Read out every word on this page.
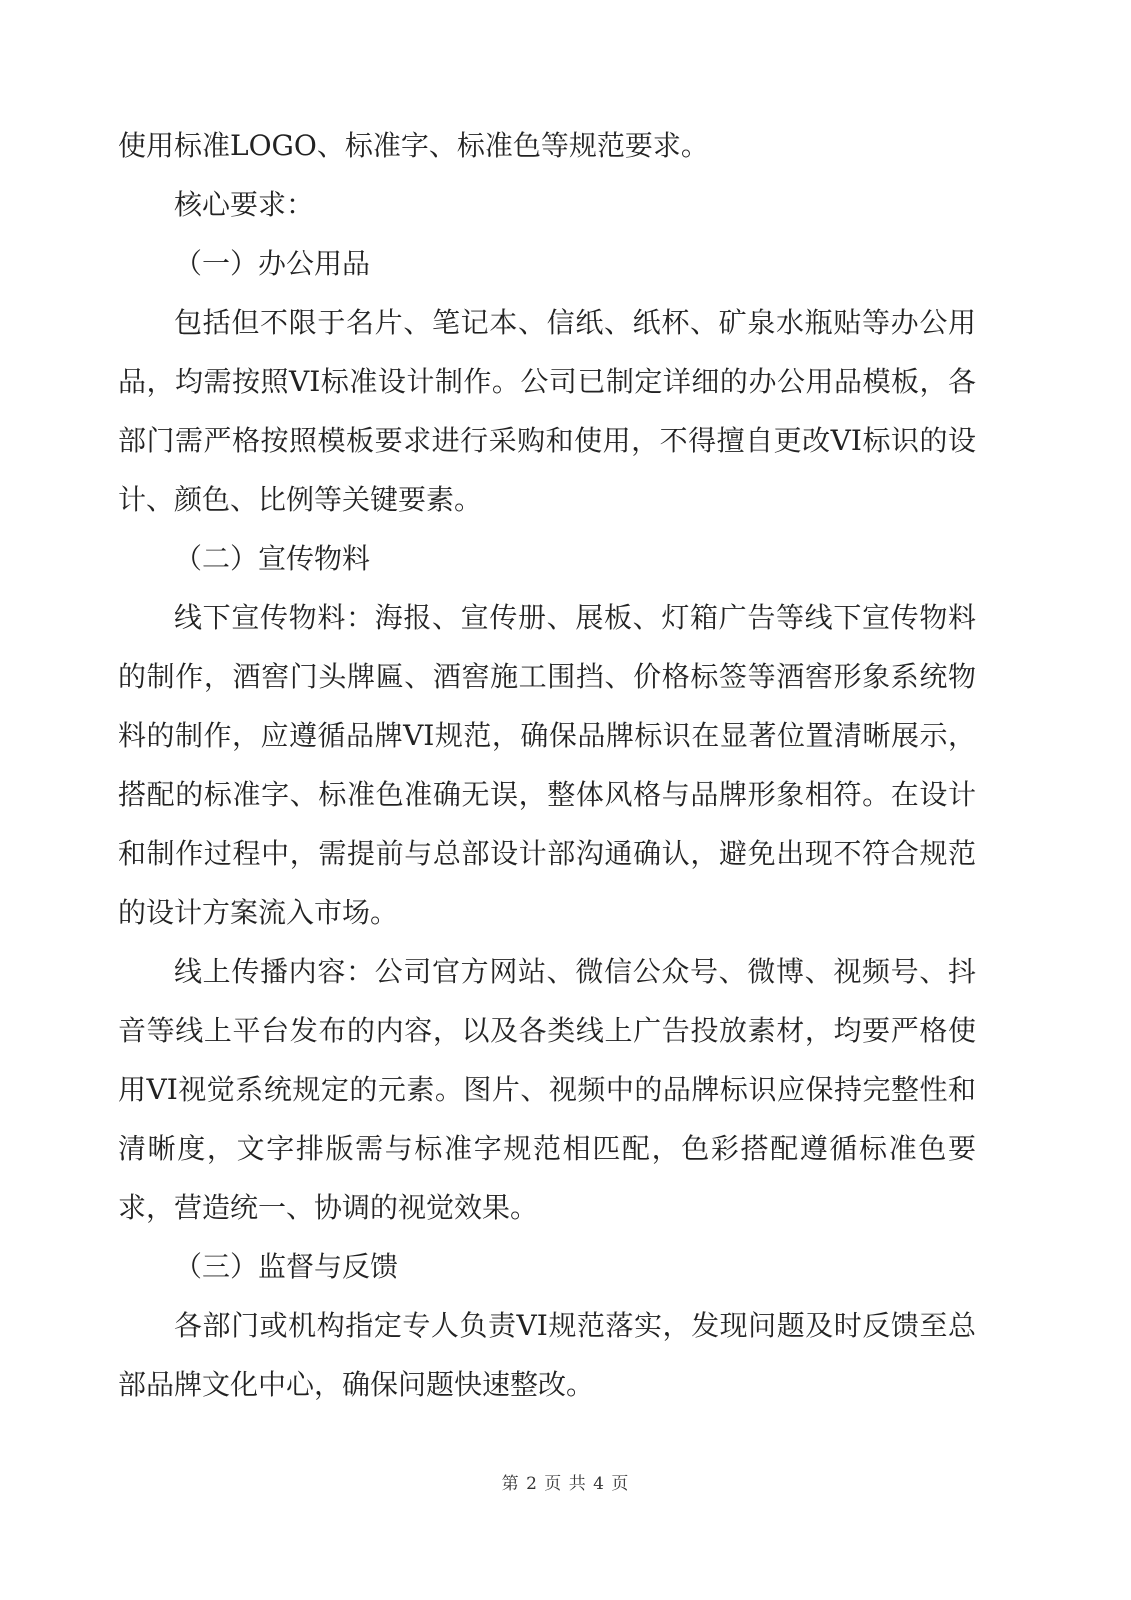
使用标准LOGO、标准字、标准色等规范要求。

核心要求：

（一）办公用品

包括但不限于名片、笔记本、信纸、纸杯、矿泉水瓶贴等办公用品，均需按照VI标准设计制作。公司已制定详细的办公用品模板，各部门需严格按照模板要求进行采购和使用，不得擅自更改VI标识的设计、颜色、比例等关键要素。

（二）宣传物料

线下宣传物料：海报、宣传册、展板、灯箱广告等线下宣传物料的制作，酒窖门头牌匾、酒窖施工围挡、价格标签等酒窖形象系统物料的制作，应遵循品牌VI规范，确保品牌标识在显著位置清晰展示，搭配的标准字、标准色准确无误，整体风格与品牌形象相符。在设计和制作过程中，需提前与总部设计部沟通确认，避免出现不符合规范的设计方案流入市场。

线上传播内容：公司官方网站、微信公众号、微博、视频号、抖音等线上平台发布的内容，以及各类线上广告投放素材，均要严格使用VI视觉系统规定的元素。图片、视频中的品牌标识应保持完整性和清晰度，文字排版需与标准字规范相匹配，色彩搭配遵循标准色要求，营造统一、协调的视觉效果。

（三）监督与反馈

各部门或机构指定专人负责VI规范落实，发现问题及时反馈至总部品牌文化中心，确保问题快速整改。

第 2 页 共 4 页
